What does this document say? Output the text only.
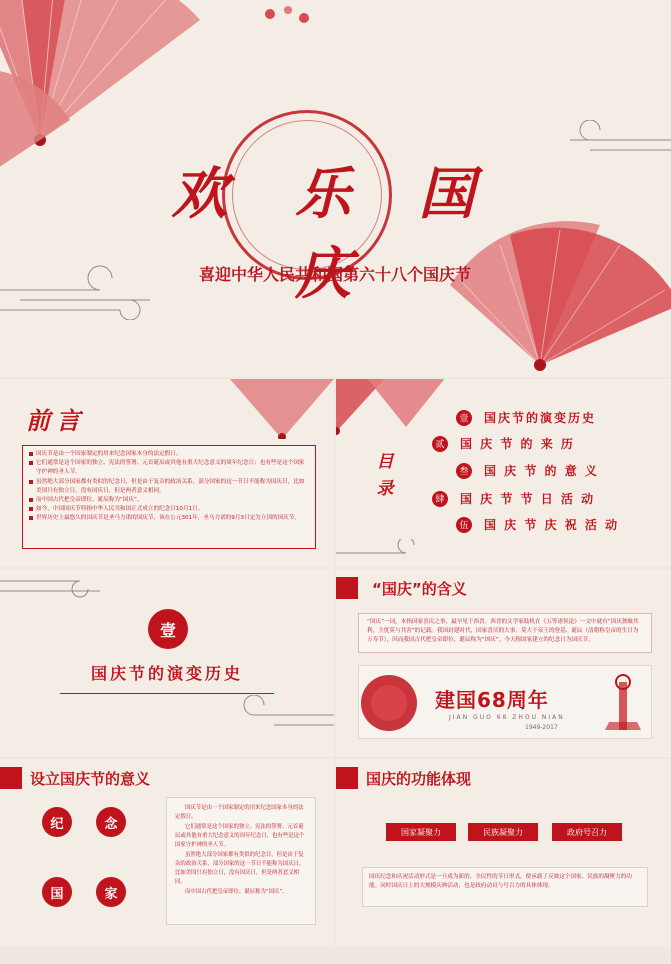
欢 乐 国 庆
喜迎中华人民共和国第六十八个国庆节
前言

国庆节是由一个国家制定的用来纪念国家本身的法定假日。

它们通常是这个国家的独立、宪法的签署、元首诞辰或其他有重大纪念意义的周年纪念日；也有些是这个国家守护神的圣人节。

虽然绝大部分国家都有类似的纪念日，但是由于复杂的政治关系，部分国家的这一节日不能称为国庆日，比如美国只有独立日，没有国庆日，但是两者意义相同。

而中国古代把皇帝即位、诞辰称为“国庆”。

如今，中国国庆节特指中华人民共和国正式成立的纪念日10月1日。

世界历史上最悠久的国庆节是圣马力诺的国庆节，该在公元301年，圣马力诺的9月3日定为立国的国庆节。

目录
壹 国庆节的演变历史
贰 国 庆 节 的 来 历
叁 国 庆 节 的 意 义
肆 国 庆 节 节 日 活 动
伍 国 庆 节 庆 祝 活 动
壹
国庆节的演变历史
“国庆”的含义
“国庆”一词，本指国家喜庆之事，最早见于西晋。西晋的文学家陆机在《五等诸侯论》一文中就有“国庆独飨其利，主忧莫与共害”的记载。我国封建时代，国家喜庆的大事，莫大于帝王的登基、诞辰（清朝称皇帝的生日为万寿节），因而我国古代把皇帝即位、诞辰称为“国庆”。今天称国家建立的纪念日为国庆节。
建国68周年
JIAN GUO 68 ZHOU NIAN
1949-2017
设立国庆节的意义
纪	念
国	家

国庆节是由一个国家制定的用来纪念国家本身的法定假日。

它们通常是这个国家的独立、宪法的签署、元首诞辰或其他有重大纪念意义的周年纪念日，也有些是这个国家守护神的圣人节。

虽然绝大部分国家都有类似的纪念日，但是由于复杂的政治关系，部分国家的这一节日不能称为国庆日，比如美国只有独立日，没有国庆日，但是两者意义相同。

而中国古代把皇帝即位、诞辰称为“国庆”。

国庆的功能体现
国家凝聚力	民族凝聚力	政府号召力
国庆纪念和庆祝活动形式是一旦成为新的、全民性的节日形式，便承载了反映这个国家、民族的凝聚力的功能。同时国庆日上的大规模庆典活动，也是政府动员与号召力的具体体现。
